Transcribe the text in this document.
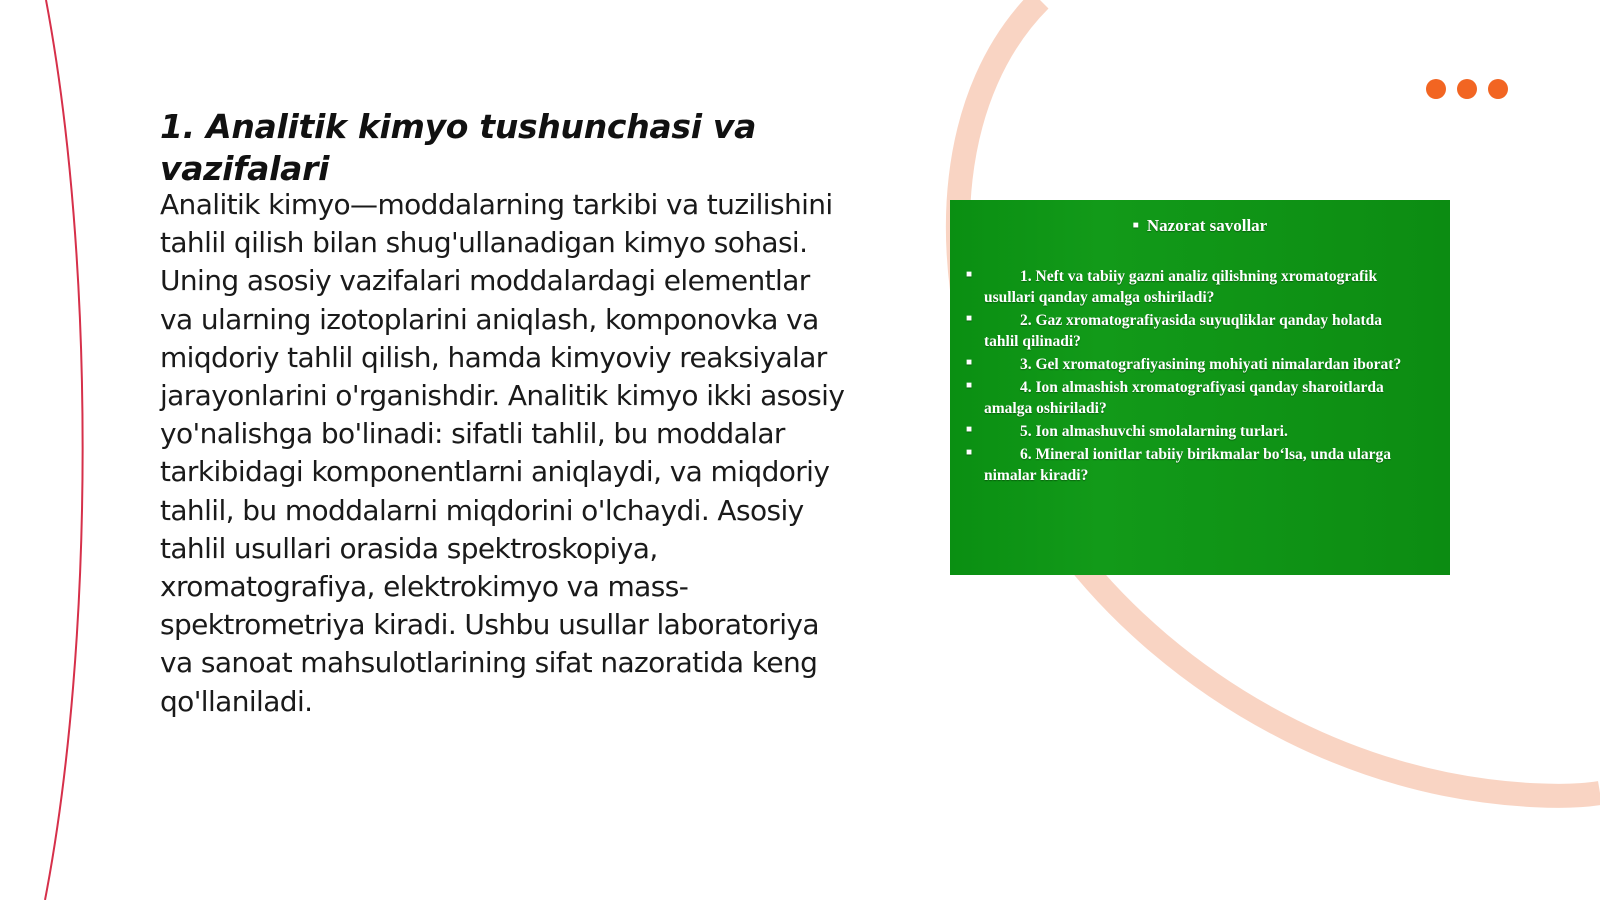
1. Analitik kimyo tushunchasi va vazifalari

Analitik kimyo—moddalarning tarkibi va tuzilishini tahlil qilish bilan shug'ullanadigan kimyo sohasi. Uning asosiy vazifalari moddalardagi elementlar va ularning izotoplarini aniqlash, komponovka va miqdoriy tahlil qilish, hamda kimyoviy reaksiyalar jarayonlarini o'rganishdir. Analitik kimyo ikki asosiy yo'nalishga bo'linadi: sifatli tahlil, bu moddalar tarkibidagi komponentlarni aniqlaydi, va miqdoriy tahlil, bu moddalarni miqdorini o'lchaydi. Asosiy tahlil usullari orasida spektroskopiya, xromatografiya, elektrokimyo va mass-spektrometriya kiradi. Ushbu usullar laboratoriya va sanoat mahsulotlarining sifat nazoratida keng qo'llaniladi.

■ Nazorat savollar
■	1. Neft va tabiiy gazni analiz qilishning xromatografik usullari qanday amalga oshiriladi?
■	2. Gaz xromatografiyasida suyuqliklar qanday holatda tahlil qilinadi?
■	3. Gel xromatografiyasining mohiyati nimalardan iborat?
■	4. Ion almashish xromatografiyasi qanday sharoitlarda amalga oshiriladi?
■	5. Ion almashuvchi smolalarning turlari.
■	6. Mineral ionitlar tabiiy birikmalar bo‘lsa, unda ularga nimalar kiradi?
